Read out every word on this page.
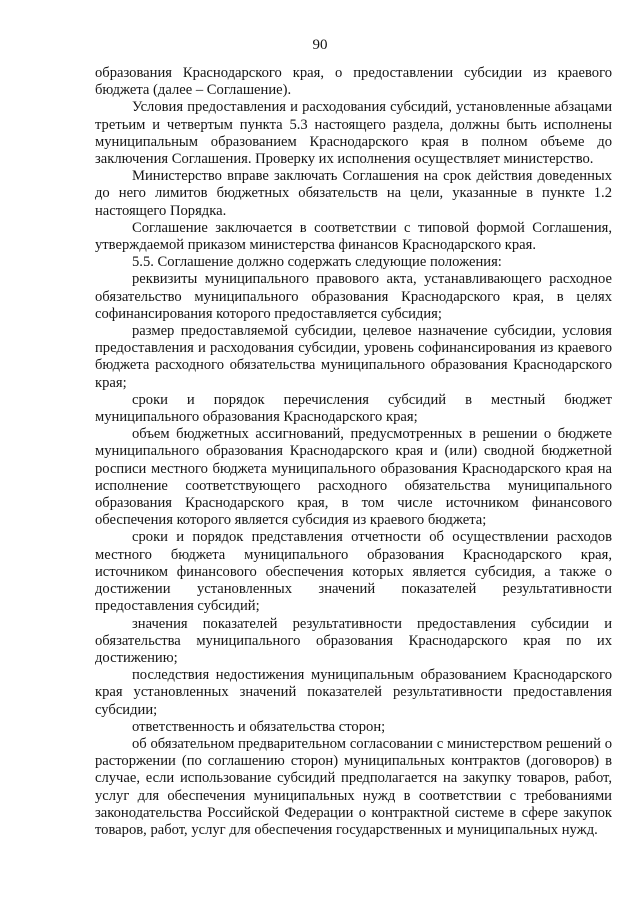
90

образования Краснодарского края, о предоставлении субсидии из краевого бюджета (далее – Соглашение).

Условия предоставления и расходования субсидий, установленные абзацами третьим и четвертым пункта 5.3 настоящего раздела, должны быть исполнены муниципальным образованием Краснодарского края в полном объеме до заключения Соглашения. Проверку их исполнения осуществляет министерство.

Министерство вправе заключать Соглашения на срок действия доведенных до него лимитов бюджетных обязательств на цели, указанные в пункте 1.2 настоящего Порядка.

Соглашение заключается в соответствии с типовой формой Соглашения, утверждаемой приказом министерства финансов Краснодарского края.

5.5. Соглашение должно содержать следующие положения:

реквизиты муниципального правового акта, устанавливающего расходное обязательство муниципального образования Краснодарского края, в целях софинансирования которого предоставляется субсидия;

размер предоставляемой субсидии, целевое назначение субсидии, условия предоставления и расходования субсидии, уровень софинансирования из краевого бюджета расходного обязательства муниципального образования Краснодарского края;

сроки и порядок перечисления субсидий в местный бюджет муниципального образования Краснодарского края;

объем бюджетных ассигнований, предусмотренных в решении о бюджете муниципального образования Краснодарского края и (или) сводной бюджетной росписи местного бюджета муниципального образования Краснодарского края на исполнение соответствующего расходного обязательства муниципального образования Краснодарского края, в том числе источником финансового обеспечения которого является субсидия из краевого бюджета;

сроки и порядок представления отчетности об осуществлении расходов местного бюджета муниципального образования Краснодарского края, источником финансового обеспечения которых является субсидия, а также о достижении установленных значений показателей результативности предоставления субсидий;

значения показателей результативности предоставления субсидии и обязательства муниципального образования Краснодарского края по их достижению;

последствия недостижения муниципальным образованием Краснодарского края установленных значений показателей результативности предоставления субсидии;

ответственность и обязательства сторон;

об обязательном предварительном согласовании с министерством решений о расторжении (по соглашению сторон) муниципальных контрактов (договоров) в случае, если использование субсидий предполагается на закупку товаров, работ, услуг для обеспечения муниципальных нужд в соответствии с требованиями законодательства Российской Федерации о контрактной системе в сфере закупок товаров, работ, услуг для обеспечения государственных и муниципальных нужд.
